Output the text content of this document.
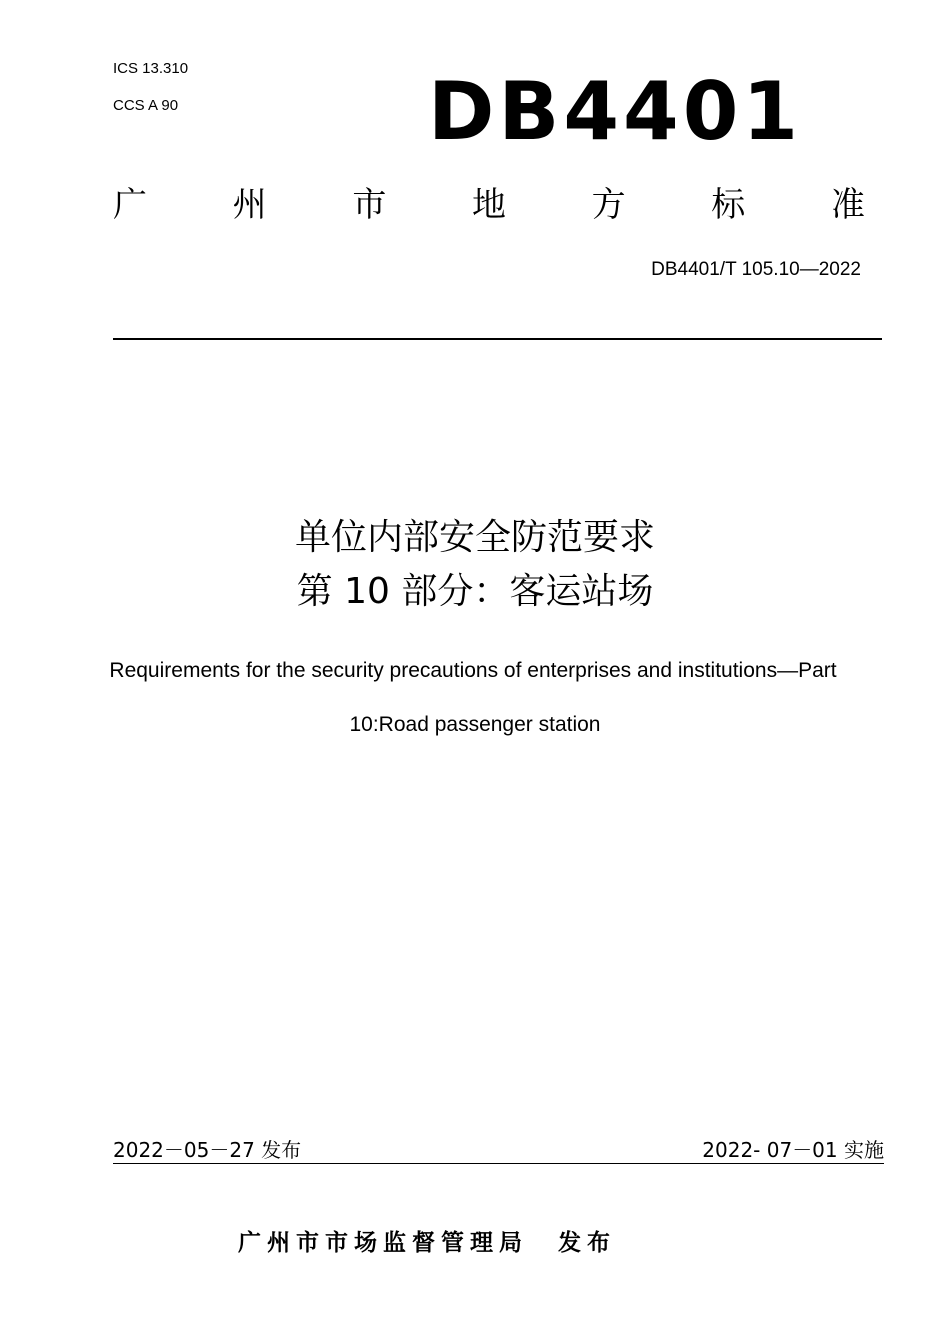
ICS 13.310
CCS A 90	DB4401
广	州	市	地	方	标	准
DB4401/T 105.10—2022
单位内部安全防范要求
第 10 部分：客运站场
Requirements for the security precautions of enterprises and institutions—Part
10:Road passenger station
2022－05－27 发布	2022- 07－01 实施
广州市市场监督管理局 发布
